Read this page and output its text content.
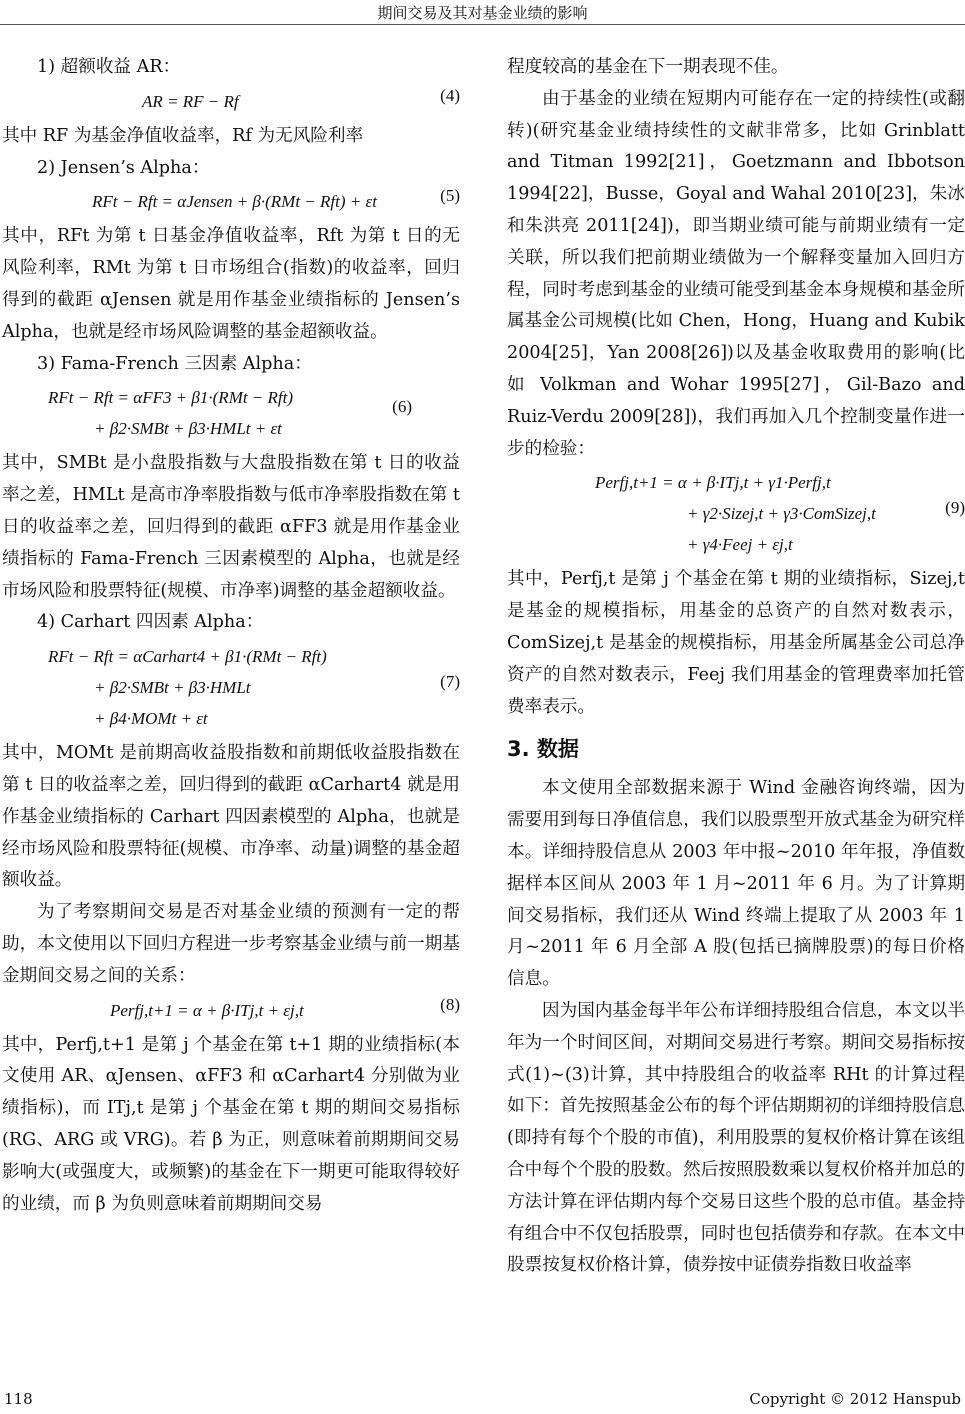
期间交易及其对基金业绩的影响

1) 超额收益 AR：

AR = RF − Rf	(4)

其中 RF 为基金净值收益率，Rf 为无风险利率

2) Jensen’s Alpha：

RFt − Rft = αJensen + β·(RMt − Rft) + εt	(5)

其中，RFt 为第 t 日基金净值收益率，Rft 为第 t 日的无风险利率，RMt 为第 t 日市场组合(指数)的收益率，回归得到的截距 αJensen 就是用作基金业绩指标的 Jensen’s Alpha，也就是经市场风险调整的基金超额收益。

3) Fama-French 三因素 Alpha：

RFt − Rft = αFF3 + β1·(RMt − Rft)
+ β2·SMBt + β3·HMLt + εt
(6)

其中，SMBt 是小盘股指数与大盘股指数在第 t 日的收益率之差，HMLt 是高市净率股指数与低市净率股指数在第 t 日的收益率之差，回归得到的截距 αFF3 就是用作基金业绩指标的 Fama-French 三因素模型的 Alpha，也就是经市场风险和股票特征(规模、市净率)调整的基金超额收益。

4) Carhart 四因素 Alpha：

RFt − Rft = αCarhart4 + β1·(RMt − Rft)
+ β2·SMBt + β3·HMLt
+ β4·MOMt + εt
(7)

其中，MOMt 是前期高收益股指数和前期低收益股指数在第 t 日的收益率之差，回归得到的截距 αCarhart4 就是用作基金业绩指标的 Carhart 四因素模型的 Alpha，也就是经市场风险和股票特征(规模、市净率、动量)调整的基金超额收益。

为了考察期间交易是否对基金业绩的预测有一定的帮助，本文使用以下回归方程进一步考察基金业绩与前一期基金期间交易之间的关系：

Perfj,t+1 = α + β·ITj,t + εj,t	(8)

其中，Perfj,t+1 是第 j 个基金在第 t+1 期的业绩指标(本文使用 AR、αJensen、αFF3 和 αCarhart4 分别做为业绩指标)，而 ITj,t 是第 j 个基金在第 t 期的期间交易指标(RG、ARG 或 VRG)。若 β 为正，则意味着前期期间交易影响大(或强度大，或频繁)的基金在下一期更可能取得较好的业绩，而 β 为负则意味着前期期间交易

程度较高的基金在下一期表现不佳。

由于基金的业绩在短期内可能存在一定的持续性(或翻转)(研究基金业绩持续性的文献非常多，比如 Grinblatt and Titman 1992[21]，Goetzmann and Ibbotson 1994[22]，Busse，Goyal and Wahal 2010[23]，朱冰和朱洪亮 2011[24])，即当期业绩可能与前期业绩有一定关联，所以我们把前期业绩做为一个解释变量加入回归方程，同时考虑到基金的业绩可能受到基金本身规模和基金所属基金公司规模(比如 Chen，Hong，Huang and Kubik 2004[25]，Yan 2008[26])以及基金收取费用的影响(比如 Volkman and Wohar 1995[27]，Gil-Bazo and Ruiz-Verdu 2009[28])，我们再加入几个控制变量作进一步的检验：

Perfj,t+1 = α + β·ITj,t + γ1·Perfj,t
+ γ2·Sizej,t + γ3·ComSizej,t
+ γ4·Feej + εj,t
(9)

其中，Perfj,t 是第 j 个基金在第 t 期的业绩指标，Sizej,t 是基金的规模指标，用基金的总资产的自然对数表示，ComSizej,t 是基金的规模指标，用基金所属基金公司总净资产的自然对数表示，Feej 我们用基金的管理费率加托管费率表示。

3. 数据

本文使用全部数据来源于 Wind 金融咨询终端，因为需要用到每日净值信息，我们以股票型开放式基金为研究样本。详细持股信息从 2003 年中报~2010 年年报，净值数据样本区间从 2003 年 1 月~2011 年 6 月。为了计算期间交易指标，我们还从 Wind 终端上提取了从 2003 年 1 月~2011 年 6 月全部 A 股(包括已摘牌股票)的每日价格信息。

因为国内基金每半年公布详细持股组合信息，本文以半年为一个时间区间，对期间交易进行考察。期间交易指标按式(1)~(3)计算，其中持股组合的收益率 RHt 的计算过程如下：首先按照基金公布的每个评估期期初的详细持股信息(即持有每个个股的市值)，利用股票的复权价格计算在该组合中每个个股的股数。然后按照股数乘以复权价格并加总的方法计算在评估期内每个交易日这些个股的总市值。基金持有组合中不仅包括股票，同时也包括债券和存款。在本文中股票按复权价格计算，债券按中证债券指数日收益率

118	Copyright © 2012 Hanspub
